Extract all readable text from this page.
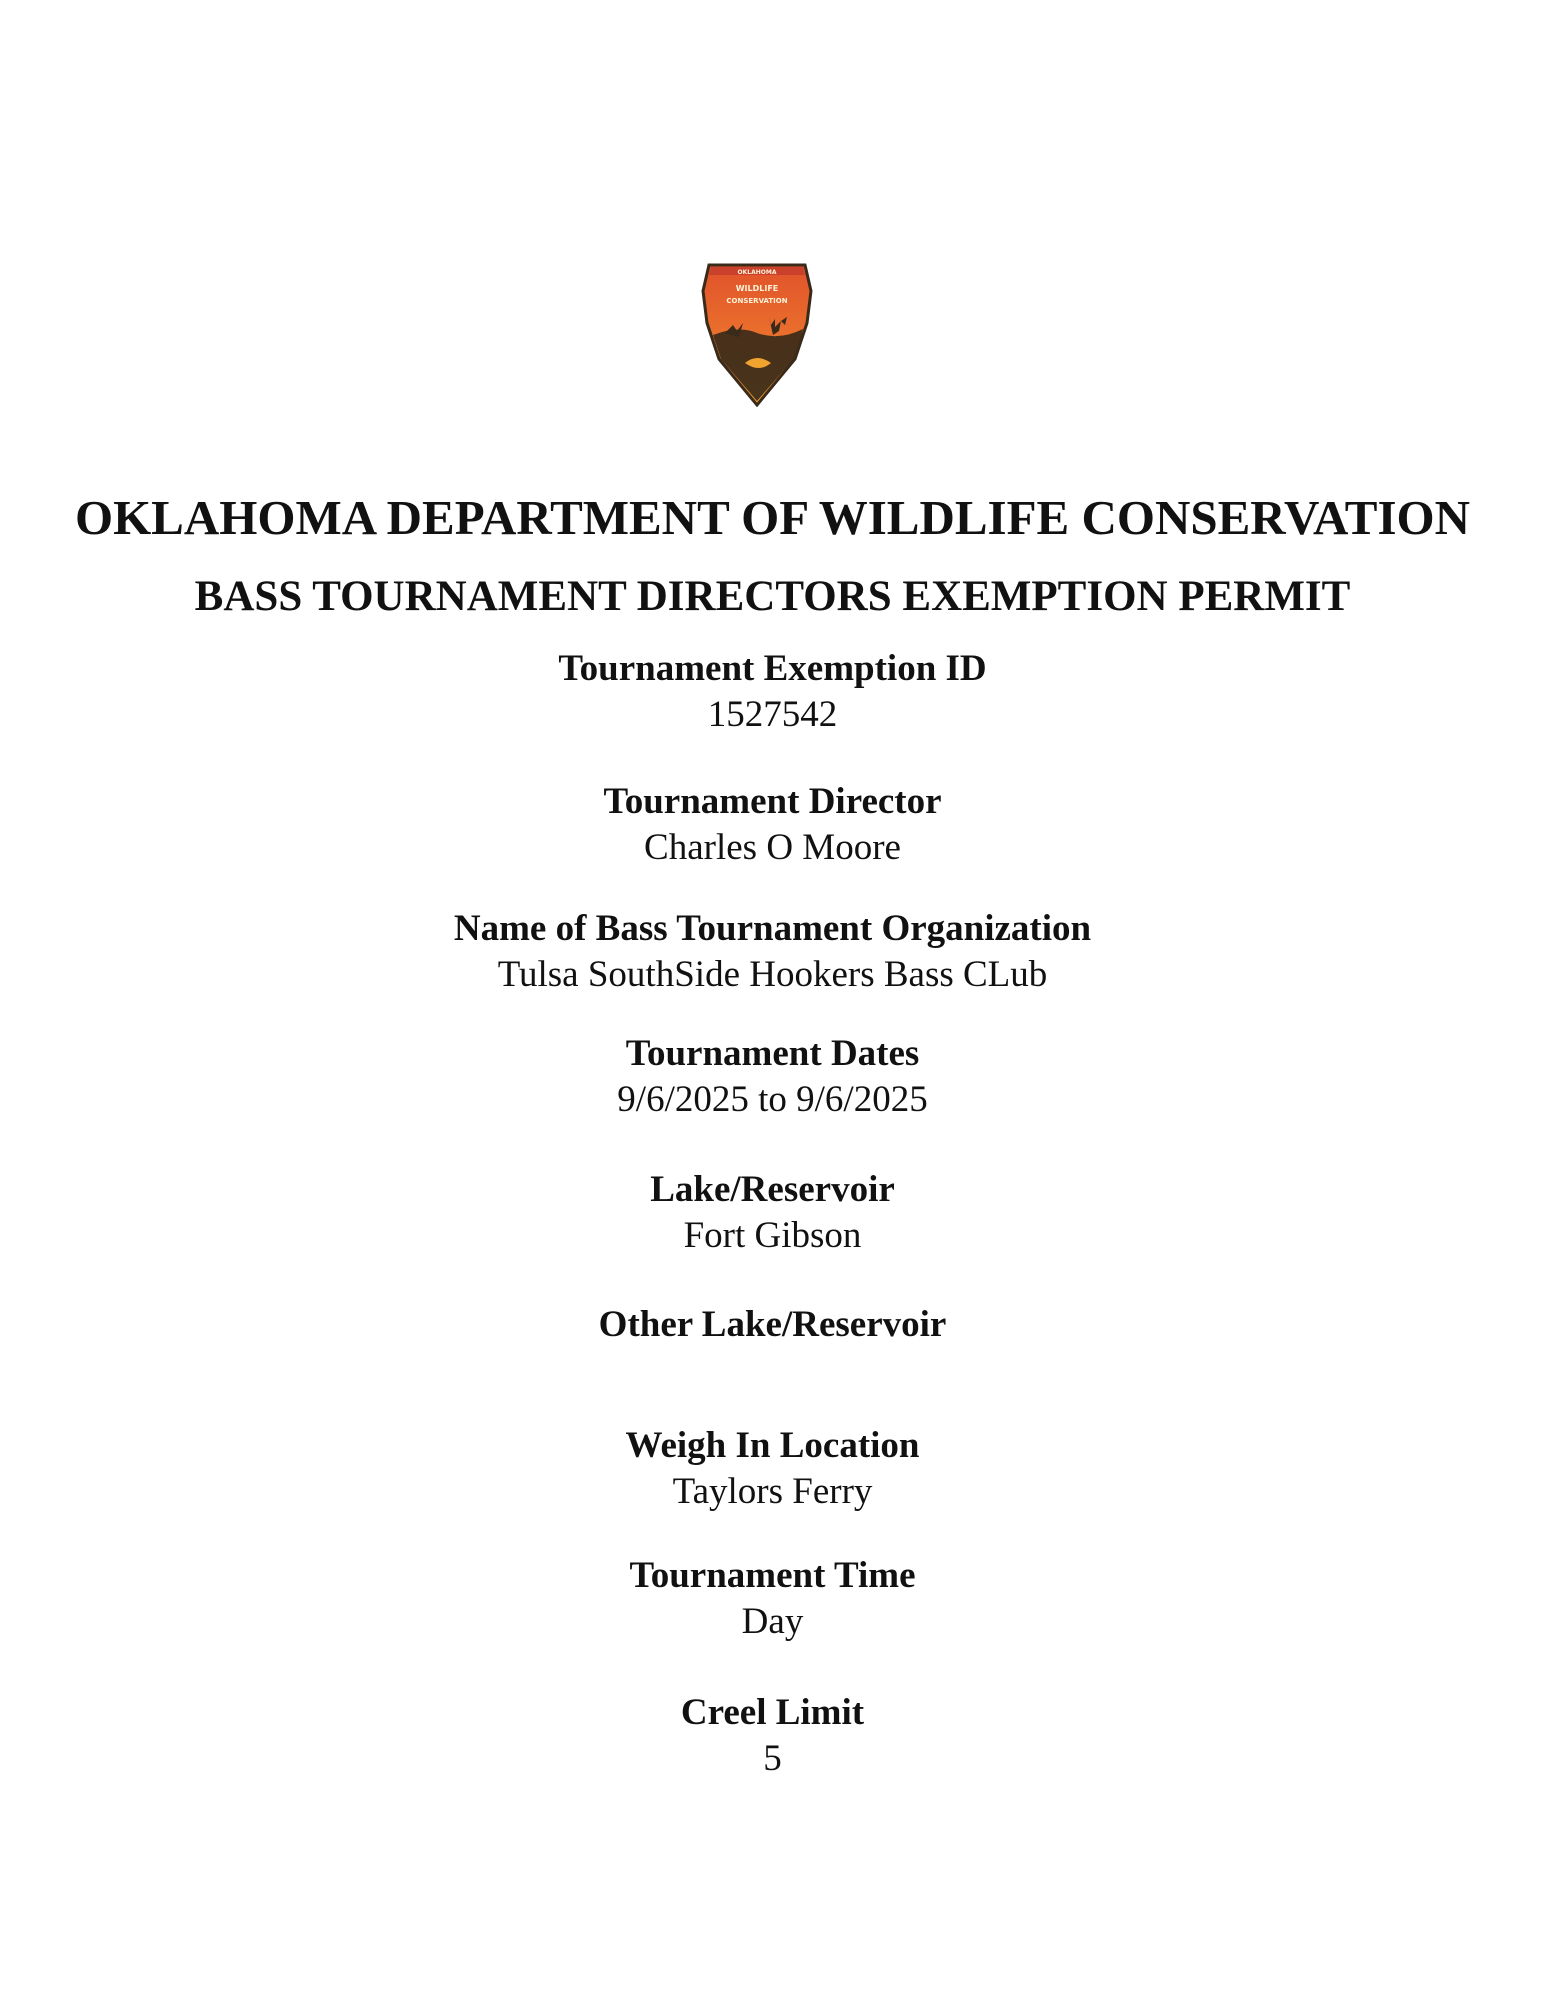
OKLAHOMA
WILDLIFE
CONSERVATION
OKLAHOMA DEPARTMENT OF WILDLIFE CONSERVATION
BASS TOURNAMENT DIRECTORS EXEMPTION PERMIT
Tournament Exemption ID
1527542
Tournament Director
Charles O Moore
Name of Bass Tournament Organization
Tulsa SouthSide Hookers Bass CLub
Tournament Dates
9/6/2025 to 9/6/2025
Lake/Reservoir
Fort Gibson
Other Lake/Reservoir
Weigh In Location
Taylors Ferry
Tournament Time
Day
Creel Limit
5
